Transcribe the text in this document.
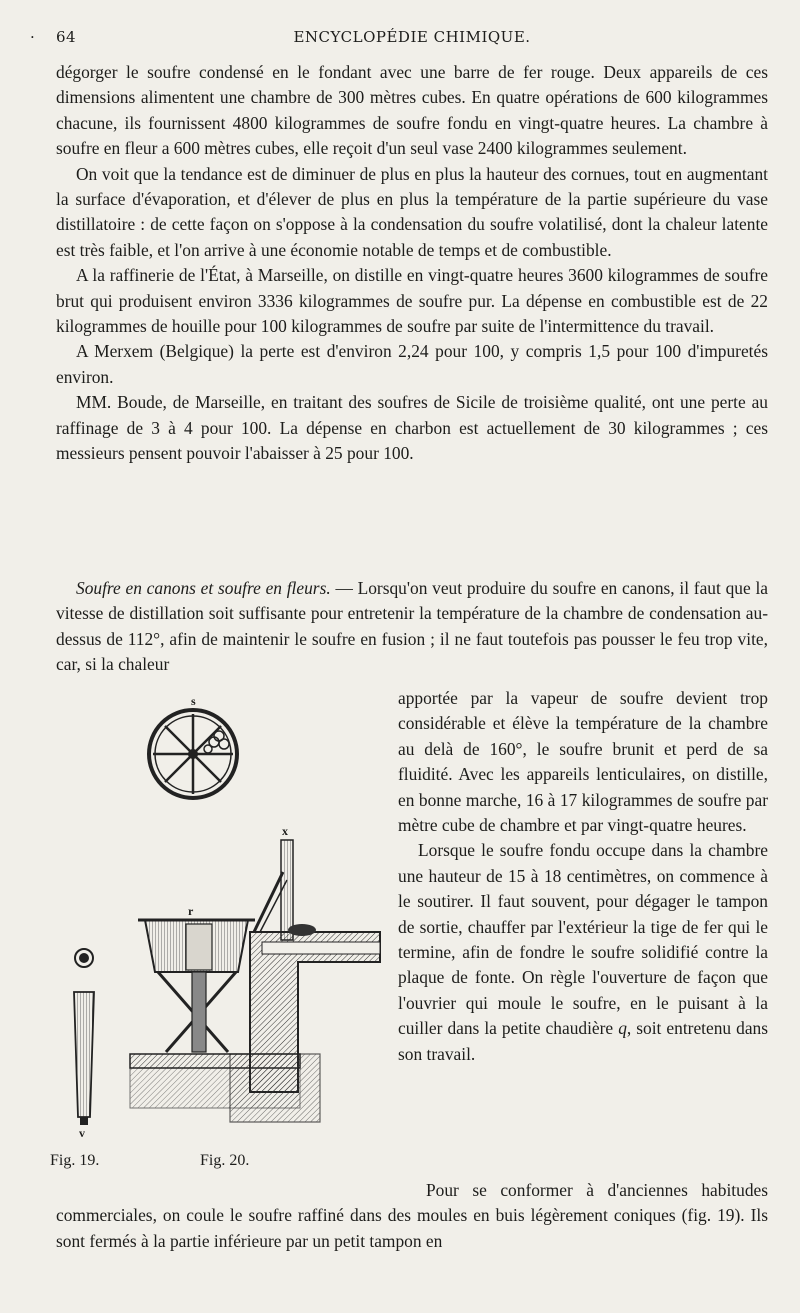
· 64	ENCYCLOPÉDIE CHIMIQUE.

dégorger le soufre condensé en le fondant avec une barre de fer rouge. Deux appareils de ces dimensions alimentent une chambre de 300 mètres cubes. En quatre opérations de 600 kilogrammes chacune, ils fournissent 4800 kilogrammes de soufre fondu en vingt-quatre heures. La chambre à soufre en fleur a 600 mètres cubes, elle reçoit d'un seul vase 2400 kilogrammes seulement.

On voit que la tendance est de diminuer de plus en plus la hauteur des cornues, tout en augmentant la surface d'évaporation, et d'élever de plus en plus la température de la partie supérieure du vase distillatoire : de cette façon on s'oppose à la condensation du soufre volatilisé, dont la chaleur latente est très faible, et l'on arrive à une économie notable de temps et de combustible.

A la raffinerie de l'État, à Marseille, on distille en vingt-quatre heures 3600 kilogrammes de soufre brut qui produisent environ 3336 kilogrammes de soufre pur. La dépense en combustible est de 22 kilogrammes de houille pour 100 kilogrammes de soufre par suite de l'intermittence du travail.

A Merxem (Belgique) la perte est d'environ 2,24 pour 100, y compris 1,5 pour 100 d'impuretés environ.

MM. Boude, de Marseille, en traitant des soufres de Sicile de troisième qualité, ont une perte au raffinage de 3 à 4 pour 100. La dépense en charbon est actuellement de 30 kilogrammes ; ces messieurs pensent pouvoir l'abaisser à 25 pour 100.

Soufre en canons et soufre en fleurs. — Lorsqu'on veut produire du soufre en canons, il faut que la vitesse de distillation soit suffisante pour entretenir la température de la chambre de condensation au-dessus de 112°, afin de maintenir le soufre en fusion ; il ne faut toutefois pas pousser le feu trop vite, car, si la chaleur

apportée par la vapeur de soufre devient trop considérable et élève la température de la chambre au delà de 160°, le soufre brunit et perd de sa fluidité. Avec les appareils lenticulaires, on distille, en bonne marche, 16 à 17 kilogrammes de soufre par mètre cube de chambre et par vingt-quatre heures.

Lorsque le soufre fondu occupe dans la chambre une hauteur de 15 à 18 centimètres, on commence à le soutirer. Il faut souvent, pour dégager le tampon de sortie, chauffer par l'extérieur la tige de fer qui le termine, afin de fondre le soufre solidifié contre la plaque de fonte. On règle l'ouverture de façon que l'ouvrier qui moule le soufre, en le puisant à la cuiller dans la petite chaudière q, soit entretenu dans son travail.

Pour se conformer à d'anciennes habitudes commerciales, on coule le soufre raffiné dans des moules en buis légèrement coniques (fig. 19). Ils sont fermés à la partie inférieure par un petit tampon en

s
x
r
v
Fig. 19.	Fig. 20.
